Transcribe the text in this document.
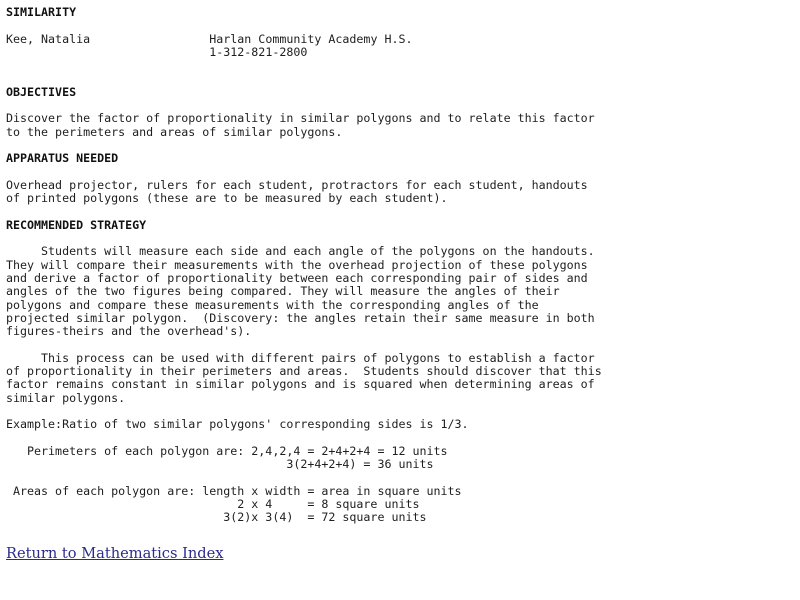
SIMILARITY

Kee, Natalia	Harlan Community Academy H.S.
1-312-821-2800

OBJECTIVES

Discover the factor of proportionality in similar polygons and to relate this factor
to the perimeters and areas of similar polygons.

APPARATUS NEEDED

Overhead projector, rulers for each student, protractors for each student, handouts
of printed polygons (these are to be measured by each student).

RECOMMENDED STRATEGY

Students will measure each side and each angle of the polygons on the handouts.
They will compare their measurements with the overhead projection of these polygons
and derive a factor of proportionality between each corresponding pair of sides and
angles of the two figures being compared. They will measure the angles of their
polygons and compare these measurements with the corresponding angles of the
projected similar polygon.  (Discovery: the angles retain their same measure in both
figures-theirs and the overhead's).

This process can be used with different pairs of polygons to establish a factor
of proportionality in their perimeters and areas.  Students should discover that this
factor remains constant in similar polygons and is squared when determining areas of
similar polygons.

Example:Ratio of two similar polygons' corresponding sides is 1/3.

Perimeters of each polygon are: 2,4,2,4 = 2+4+2+4 = 12 units
3(2+4+2+4) = 36 units

Areas of each polygon are: length x width = area in square units
2 x 4     = 8 square units
3(2)x 3(4)  = 72 square units
Return to Mathematics Index
